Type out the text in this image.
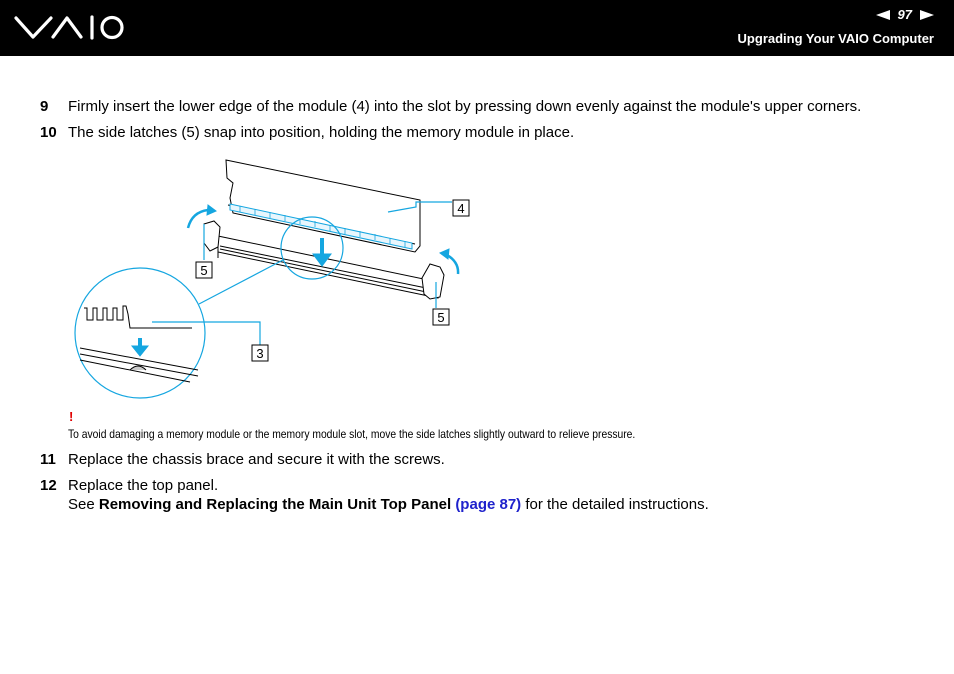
97
Upgrading Your VAIO Computer
9 Firmly insert the lower edge of the module (4) into the slot by pressing down evenly against the module's upper corners.
10 The side latches (5) snap into position, holding the memory module in place.
4
5
5
3
!
To avoid damaging a memory module or the memory module slot, move the side latches slightly outward to relieve pressure.
11 Replace the chassis brace and secure it with the screws.
12 Replace the top panel.
See Removing and Replacing the Main Unit Top Panel (page 87) for the detailed instructions.
